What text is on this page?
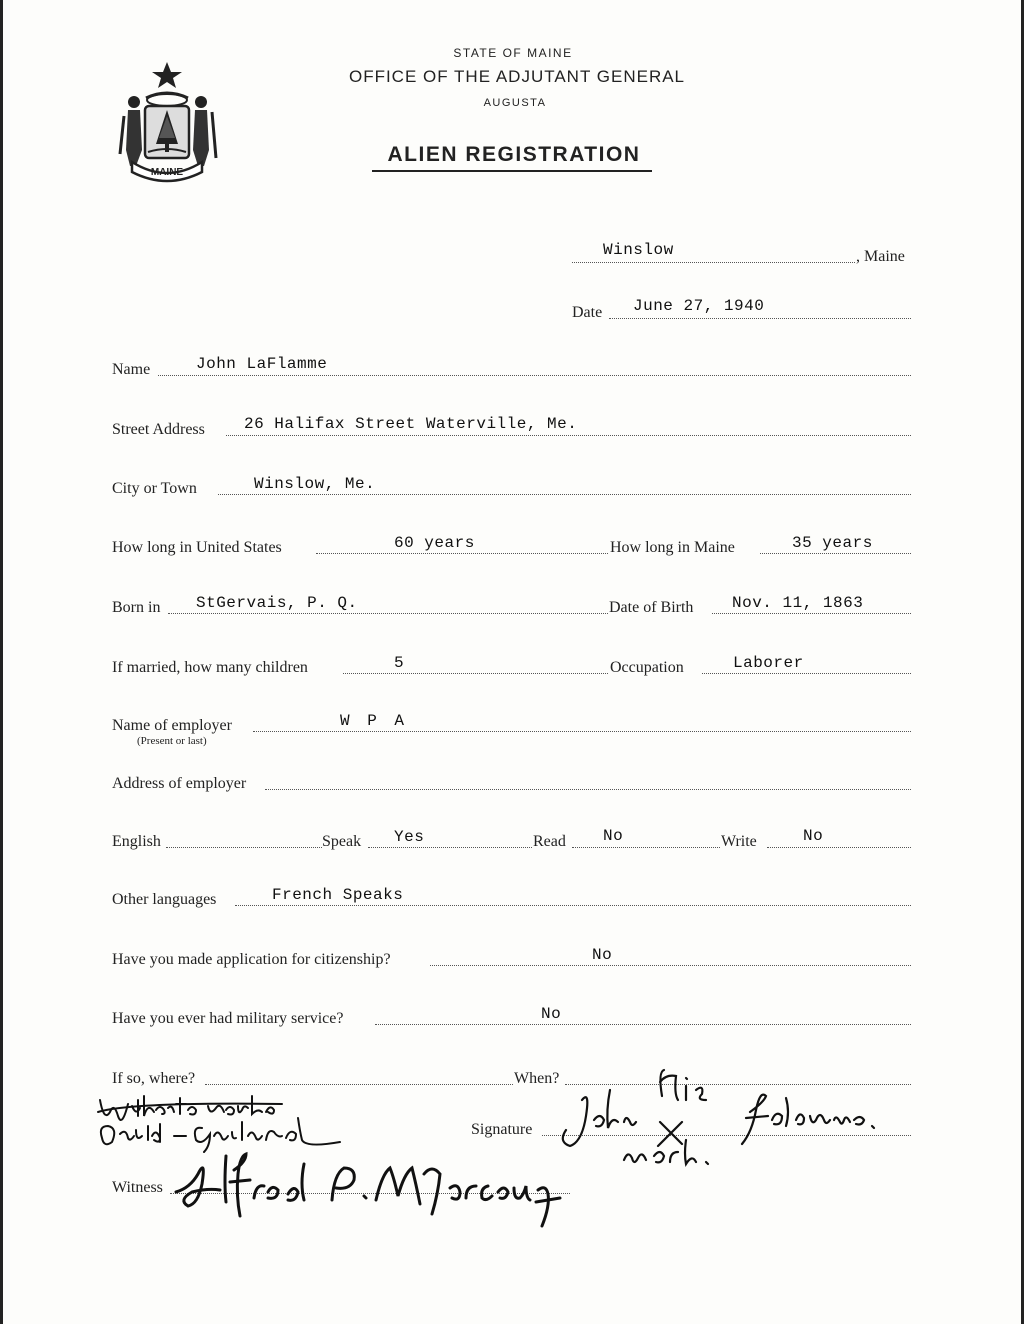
MAINE
DIRIGO
STATE OF MAINE
OFFICE OF THE ADJUTANT GENERAL
AUGUSTA
ALIEN REGISTRATION
Winslow	, Maine
Date June 27, 1940
Name	John LaFlamme
Street Address 26 Halifax Street Waterville, Me.
City or Town	Winslow, Me.
How long in United States	60 years	How long in Maine	35 years
Born in StGervais, P. Q.	Date of Birth Nov. 11, 1863
If married, how many children	5	Occupation	Laborer
Name of employer
(Present or last)
W P A
Address of employer
English	Speak Yes	Read No	Write	No
Other languages	French Speaks
Have you made application for citizenship?	No
Have you ever had military service?	No
If so, where?	When?
Signature
Witness
